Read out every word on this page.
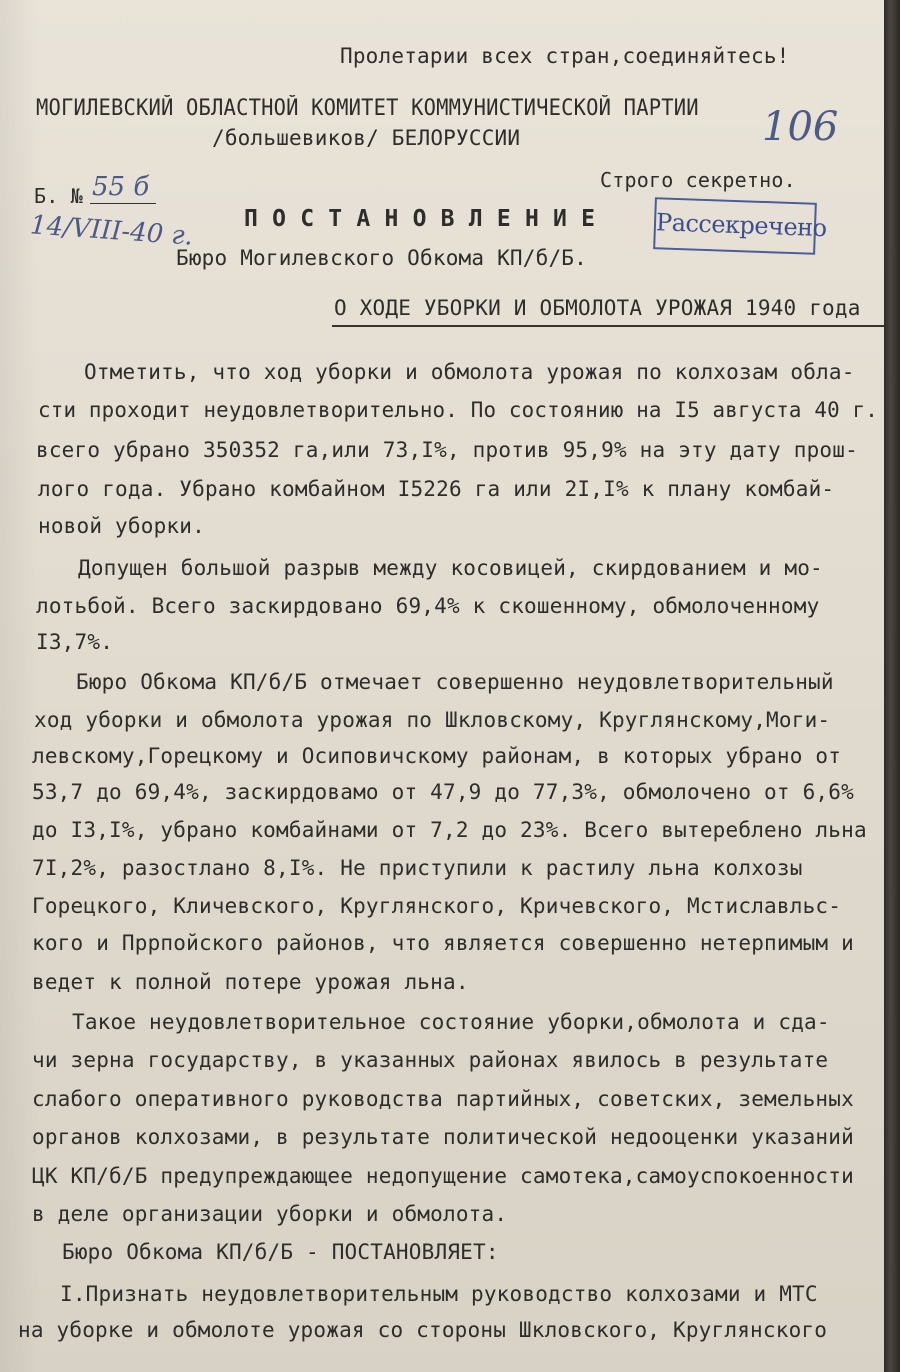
Пролетарии всех стран,соединяйтесь!
МОГИЛЕВСКИЙ ОБЛАСТНОЙ КОМИТЕТ КОММУНИСТИЧЕСКОЙ ПАРТИИ
/большевиков/ БЕЛОРУССИИ	106
Строго секретно.
Рассекречено
Б. № 55 б
14/VIII-40 г. П О С Т А Н О В Л Е Н И Е
Бюро Могилевского Обкома КП/б/Б.
О ХОДЕ УБОРКИ И ОБМОЛОТА УРОЖАЯ 1940 года
Отметить, что ход уборки и обмолота урожая по колхозам обла-
сти проходит неудовлетворительно. По состоянию на I5 августа 40 г.
всего убрано 350352 га,или 73,I%, против 95,9% на эту дату прош-
лого года. Убрано комбайном I5226 га или 2I,I% к плану комбай-
новой уборки.
Допущен большой разрыв между косовицей, скирдованием и мо-
лотьбой. Всего заскирдовано 69,4% к скошенному, обмолоченному
I3,7%.
Бюро Обкома КП/б/Б отмечает совершенно неудовлетворительный
ход уборки и обмолота урожая по Шкловскому, Круглянскому,Моги-
левскому,Горецкому и Осиповичскому районам, в которых убрано от
53,7 до 69,4%, заскирдовамо от 47,9 до 77,3%, обмолочено от 6,6%
до I3,I%, убрано комбайнами от 7,2 до 23%. Всего вытереблено льна
7I,2%, разостлано 8,I%. Не приступили к растилу льна колхозы
Горецкого, Кличевского, Круглянского, Кричевского, Мстиславльс-
кого и Пррпойского районов, что является совершенно нетерпимым и
ведет к полной потере урожая льна.
Такое неудовлетворительное состояние уборки,обмолота и сда-
чи зерна государству, в указанных районах явилось в результате
слабого оперативного руководства партийных, советских, земельных
органов колхозами, в результате политической недооценки указаний
ЦК КП/б/Б предупреждающее недопущение самотека,самоуспокоенности
в деле организации уборки и обмолота.
Бюро Обкома КП/б/Б - ПОСТАНОВЛЯЕТ:
I.Признать неудовлетворительным руководство колхозами и МТС
на уборке и обмолоте урожая со стороны Шкловского, Круглянского
